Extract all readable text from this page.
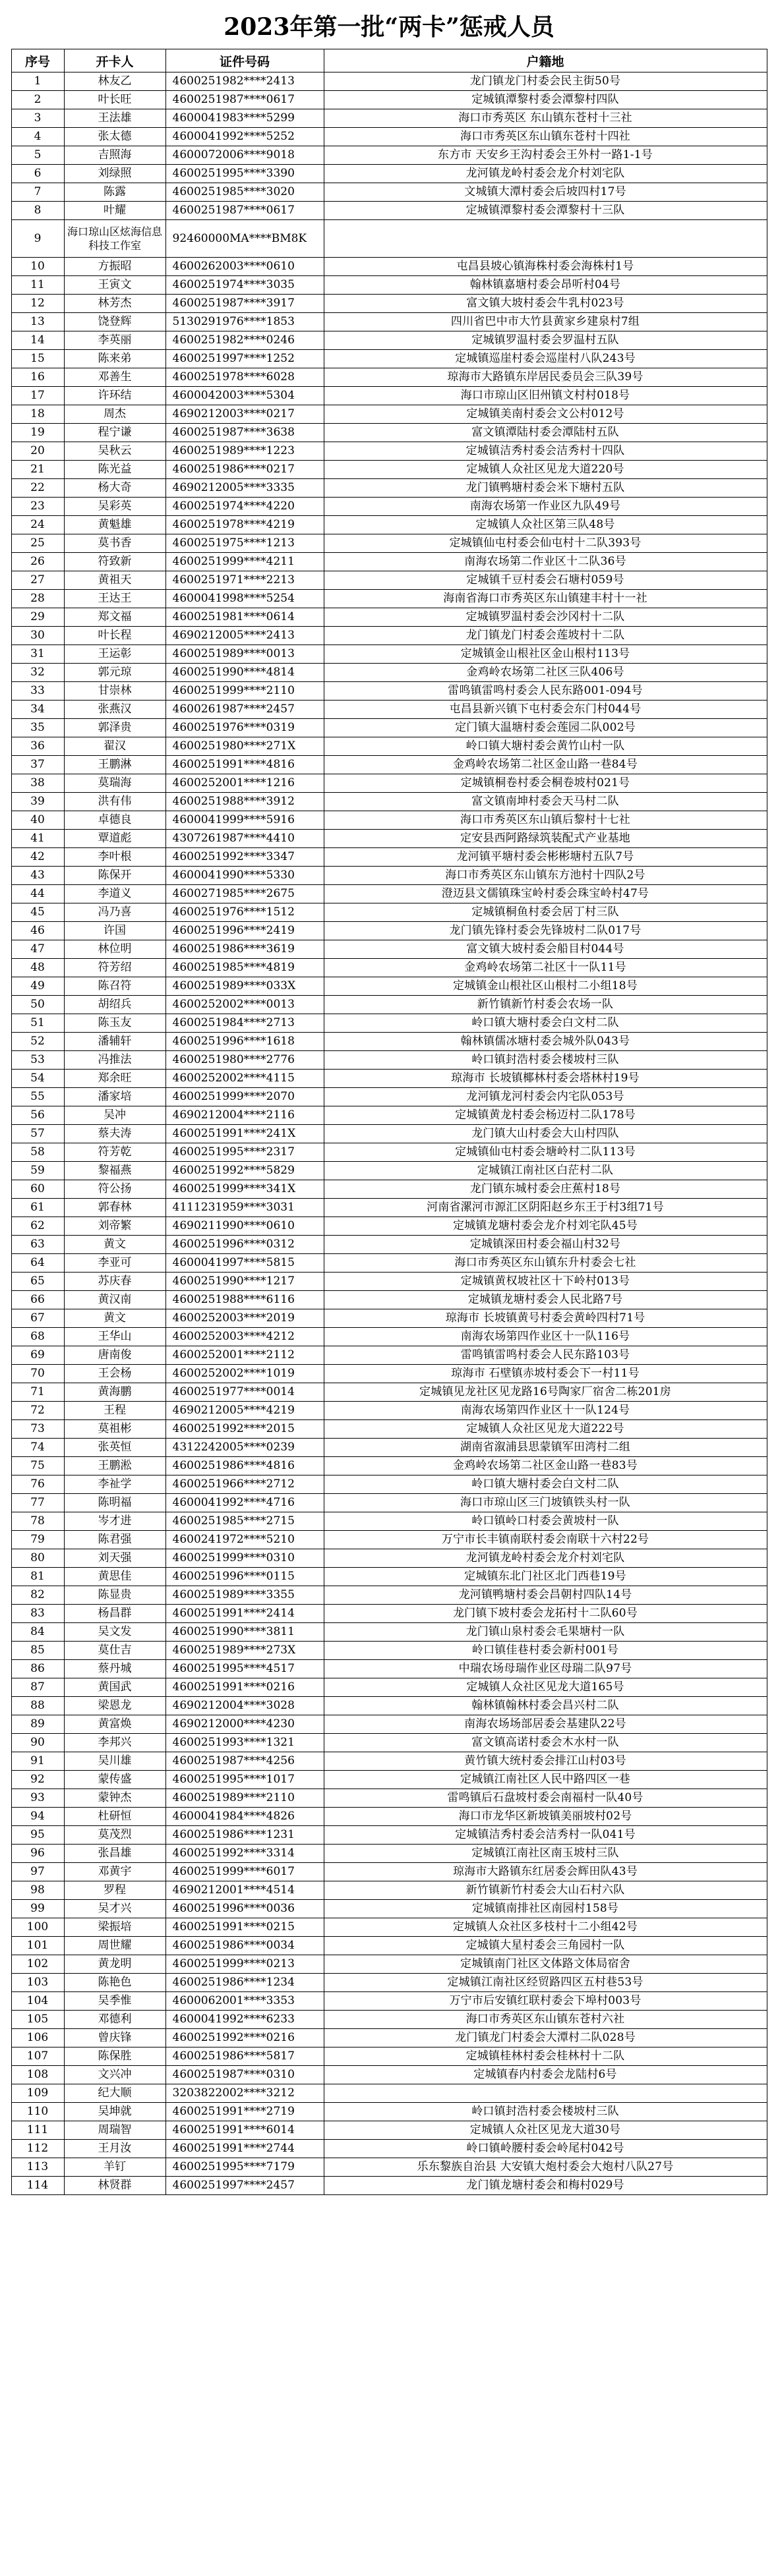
2023年第一批“两卡”惩戒人员
序号	开卡人	证件号码	户籍地
1	林友乙	4600251982****2413	龙门镇龙门村委会民主街50号
2	叶长旺	4600251987****0617	定城镇潭黎村委会潭黎村四队
3	王法雄	4600041983****5299	海口市秀英区 东山镇东苍村十三社
4	张太德	4600041992****5252	海口市秀英区东山镇东苍村十四社
5	吉照海	4600072006****9018	东方市 天安乡王沟村委会王外村一路1-1号
6	刘绿照	4600251995****3390	龙河镇龙岭村委会龙介村刘宅队
7	陈露	4600251985****3020	文城镇大潭村委会后坡四村17号
8	叶耀	4600251987****0617	定城镇潭黎村委会潭黎村十三队
9	海口琼山区炫海信息科技工作室	92460000MA****BM8K	
10	方振昭	4600262003****0610	屯昌县坡心镇海株村委会海株村1号
11	王寅文	4600251974****3035	翰林镇嘉塘村委会昂听村04号
12	林芳杰	4600251987****3917	富文镇大坡村委会牛乳村023号
13	饶登辉	5130291976****1853	四川省巴中市大竹县黄家乡建泉村7组
14	李英丽	4600251982****0246	定城镇罗温村委会罗温村五队
15	陈来弟	4600251997****1252	定城镇巡崖村委会巡崖村八队243号
16	邓善生	4600251978****6028	琼海市大路镇东岸居民委员会三队39号
17	许环结	4600042003****5304	海口市琼山区旧州镇文村村018号
18	周杰	4690212003****0217	定城镇美南村委会文公村012号
19	程宁谦	4600251987****3638	富文镇潭陆村委会潭陆村五队
20	吴秋云	4600251989****1223	定城镇洁秀村委会洁秀村十四队
21	陈光益	4600251986****0217	定城镇人众社区见龙大道220号
22	杨大奇	4690212005****3335	龙门镇鸭塘村委会米下塘村五队
23	吴彩英	4600251974****4220	南海农场第一作业区九队49号
24	黄魁雄	4600251978****4219	定城镇人众社区第三队48号
25	莫书香	4600251975****1213	定城镇仙屯村委会仙屯村十二队393号
26	符致新	4600251999****4211	南海农场第二作业区十二队36号
27	黄祖天	4600251971****2213	定城镇千豆村委会石塘村059号
28	王达王	4600041998****5254	海南省海口市秀英区东山镇建丰村十一社
29	郑文福	4600251981****0614	定城镇罗温村委会沙冈村十二队
30	叶长程	4690212005****2413	龙门镇龙门村委会莲坡村十二队
31	王运彰	4600251989****0013	定城镇金山根社区金山根村113号
32	郭元琼	4600251990****4814	金鸡岭农场第二社区三队406号
33	甘崇林	4600251999****2110	雷鸣镇雷鸣村委会人民东路001-094号
34	张燕汉	4600261987****2457	屯昌县新兴镇下屯村委会东门村044号
35	郭泽贵	4600251976****0319	定门镇大温塘村委会莲园二队002号
36	翟汉	4600251980****271X	岭口镇大塘村委会黄竹山村一队
37	王鹏淋	4600251991****4816	金鸡岭农场第二社区金山路一巷84号
38	莫瑞海	4600252001****1216	定城镇桐卷村委会桐卷坡村021号
39	洪有伟	4600251988****3912	富文镇南坤村委会天马村二队
40	卓德良	4600041999****5916	海口市秀英区东山镇后黎村十七社
41	覃道彪	4307261987****4410	定安县西阿路绿筑装配式产业基地
42	李叶根	4600251992****3347	龙河镇平塘村委会彬彬塘村五队7号
43	陈保开	4600041990****5330	海口市秀英区东山镇东方池村十四队2号
44	李道义	4600271985****2675	澄迈县文儒镇珠宝岭村委会珠宝岭村47号
45	冯乃喜	4600251976****1512	定城镇桐鱼村委会居丁村三队
46	许国	4600251996****2419	龙门镇先锋村委会先锋坡村二队017号
47	林位明	4600251986****3619	富文镇大坡村委会船目村044号
48	符芳绍	4600251985****4819	金鸡岭农场第二社区十一队11号
49	陈召符	4600251989****033X	定城镇金山根社区山根村二小组18号
50	胡绍兵	4600252002****0013	新竹镇新竹村委会农场一队
51	陈玉友	4600251984****2713	岭口镇大塘村委会白文村二队
52	潘辅轩	4600251996****1618	翰林镇儒冰塘村委会城外队043号
53	冯推法	4600251980****2776	岭口镇封浩村委会楼坡村三队
54	郑余旺	4600252002****4115	琼海市 长坡镇椰林村委会塔林村19号
55	潘家培	4600251999****2070	龙河镇龙河村委会内宅队053号
56	吴冲	4690212004****2116	定城镇黄龙村委会杨迈村二队178号
57	蔡夫涛	4600251991****241X	龙门镇大山村委会大山村四队
58	符芳乾	4600251995****2317	定城镇仙屯村委会塘岭村二队113号
59	黎福燕	4600251992****5829	定城镇江南社区白茫村二队
60	符公扬	4600251999****341X	龙门镇东城村委会庄蕉村18号
61	郭春林	4111231959****3031	河南省漯河市源汇区阴阳赵乡东王于村3组71号
62	刘帝繁	4690211990****0610	定城镇龙塘村委会龙介村刘宅队45号
63	黄文	4600251996****0312	定城镇深田村委会福山村32号
64	李亚可	4600041997****5815	海口市秀英区东山镇东升村委会七社
65	苏庆春	4600251990****1217	定城镇黄权坡社区十下岭村013号
66	黄汉南	4600251988****6116	定城镇龙塘村委会人民北路7号
67	黄文	4600252003****2019	琼海市 长坡镇黄号村委会黄岭四村71号
68	王华山	4600252003****4212	南海农场第四作业区十一队116号
69	唐南俊	4600252001****2112	雷鸣镇雷鸣村委会人民东路103号
70	王会杨	4600252002****1019	琼海市 石壁镇赤坡村委会下一村11号
71	黄海鹏	4600251977****0014	定城镇见龙社区见龙路16号陶家厂宿舍二栋201房
72	王程	4690212005****4219	南海农场第四作业区十一队124号
73	莫祖彬	4600251992****2015	定城镇人众社区见龙大道222号
74	张英恒	4312242005****0239	湖南省溆浦县思蒙镇军田湾村二组
75	王鹏淞	4600251986****4816	金鸡岭农场第二社区金山路一巷83号
76	李祉学	4600251966****2712	岭口镇大塘村委会白文村二队
77	陈明福	4600041992****4716	海口市琼山区三门坡镇铁头村一队
78	岑才进	4600251985****2715	岭口镇岭口村委会黄坡村一队
79	陈君强	4600241972****5210	万宁市长丰镇南联村委会南联十六村22号
80	刘天强	4600251999****0310	龙河镇龙岭村委会龙介村刘宅队
81	黄思佳	4600251996****0115	定城镇东北门社区北门西巷19号
82	陈显贵	4600251989****3355	龙河镇鸭塘村委会昌朝村四队14号
83	杨昌群	4600251991****2414	龙门镇下坡村委会龙拓村十二队60号
84	吴文发	4600251990****3811	龙门镇山泉村委会毛果塘村一队
85	莫仕吉	4600251989****273X	岭口镇佳巷村委会新村001号
86	蔡丹城	4600251995****4517	中瑞农场母瑞作业区母瑞二队97号
87	黄国武	4600251991****0216	定城镇人众社区见龙大道165号
88	梁恩龙	4690212004****3028	翰林镇翰林村委会昌兴村二队
89	黄富焕	4690212000****4230	南海农场场部居委会基建队22号
90	李邦兴	4600251993****1321	富文镇高诺村委会木水村一队
91	吴川雄	4600251987****4256	黄竹镇大统村委会排江山村03号
92	蒙传盛	4600251995****1017	定城镇江南社区人民中路四区一巷
93	蒙钟杰	4600251989****2110	雷鸣镇后石盘坡村委会南福村一队40号
94	杜研恒	4600041984****4826	海口市龙华区新坡镇美丽坡村02号
95	莫茂烈	4600251986****1231	定城镇洁秀村委会洁秀村一队041号
96	张昌雄	4600251992****3314	定城镇江南社区南玉坡村三队
97	邓黄宇	4600251999****6017	琼海市大路镇东红居委会辉田队43号
98	罗程	4690212001****4514	新竹镇新竹村委会大山石村六队
99	吴才兴	4600251996****0036	定城镇南排社区南园村158号
100	梁振培	4600251991****0215	定城镇人众社区多枝村十二小组42号
101	周世耀	4600251986****0034	定城镇大星村委会三角园村一队
102	黄龙明	4600251999****0213	定城镇南门社区文体路文体局宿舍
103	陈艳色	4600251986****1234	定城镇江南社区经贸路四区五村巷53号
104	吴季惟	4600062001****3353	万宁市后安镇红联村委会下埠村003号
105	邓德利	4600041992****6233	海口市秀英区东山镇东苍村六社
106	曾庆锋	4600251992****0216	龙门镇龙门村委会大潭村二队028号
107	陈保胜	4600251986****5817	定城镇桂林村委会桂林村十二队
108	文兴冲	4600251987****0310	定城镇春内村委会龙陆村6号
109	纪大顺	3203822002****3212	
110	吴坤就	4600251991****2719	岭口镇封浩村委会楼坡村三队
111	周瑞智	4600251991****6014	定城镇人众社区见龙大道30号
112	王月汝	4600251991****2744	岭口镇岭腰村委会岭尾村042号
113	羊钉	4600251995****7179	乐东黎族自治县 大安镇大炮村委会大炮村八队27号
114	林贤群	4600251997****2457	龙门镇龙塘村委会和梅村029号
